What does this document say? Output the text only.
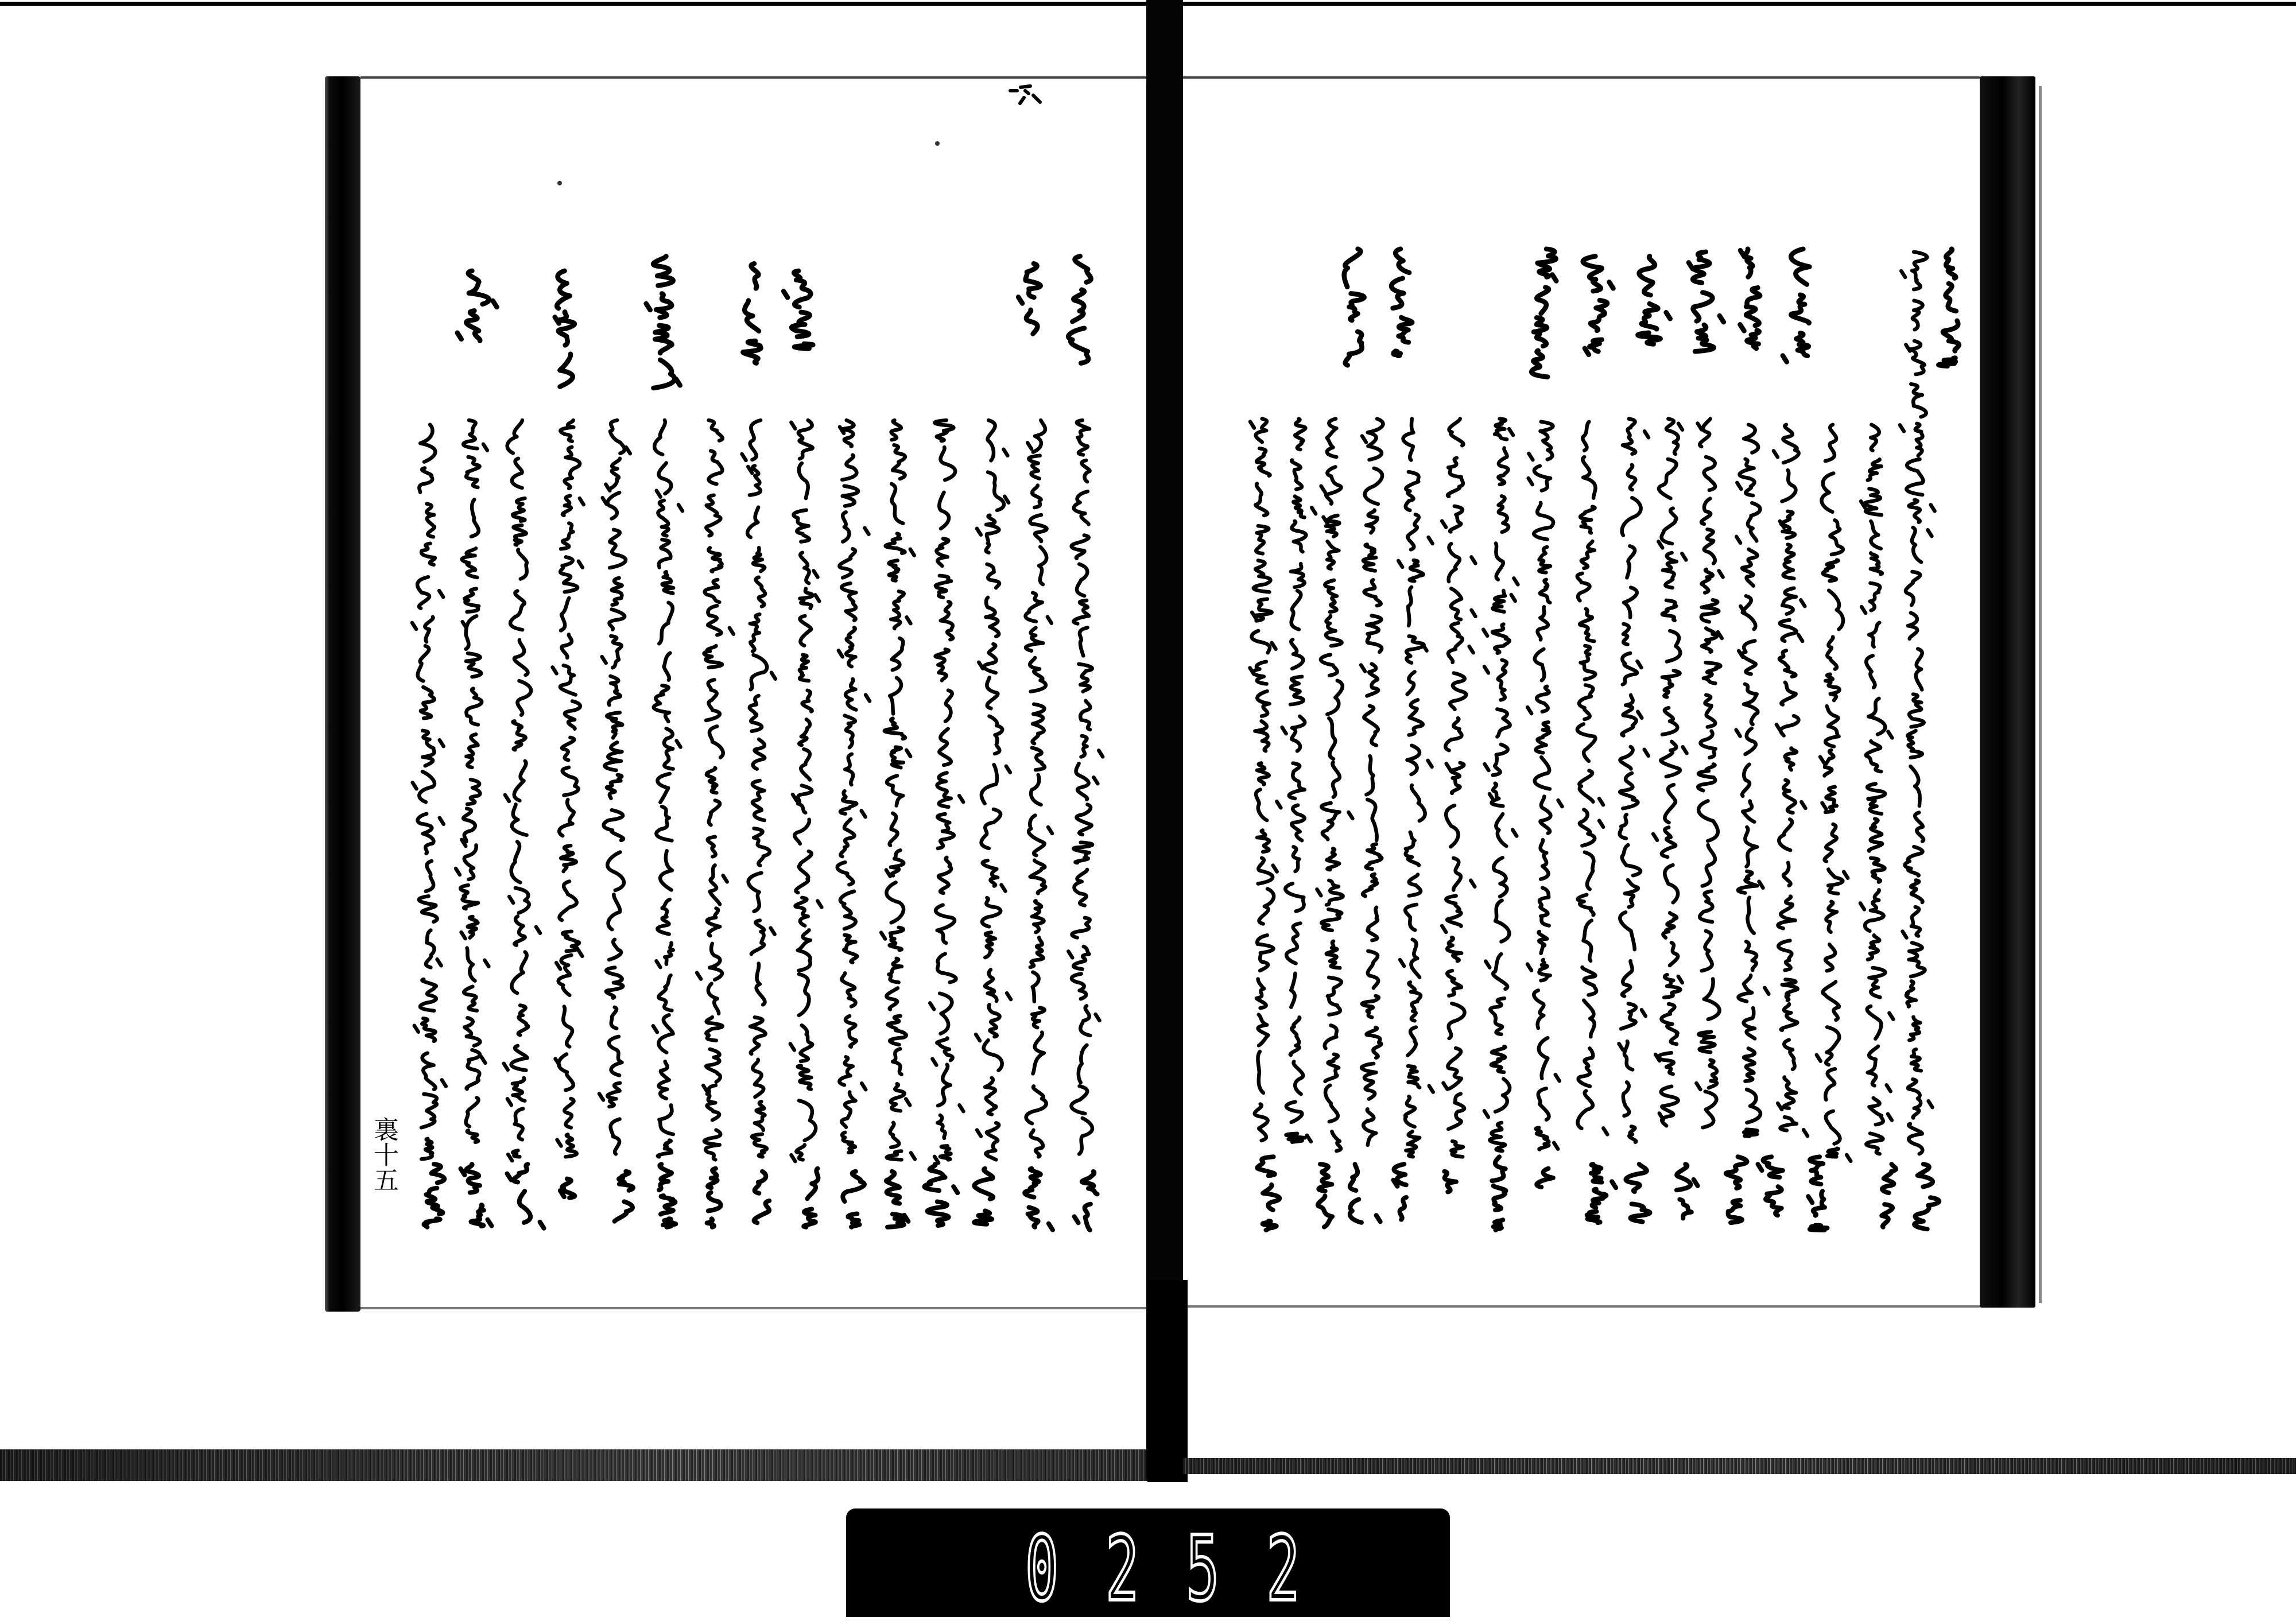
裏十五
0252
